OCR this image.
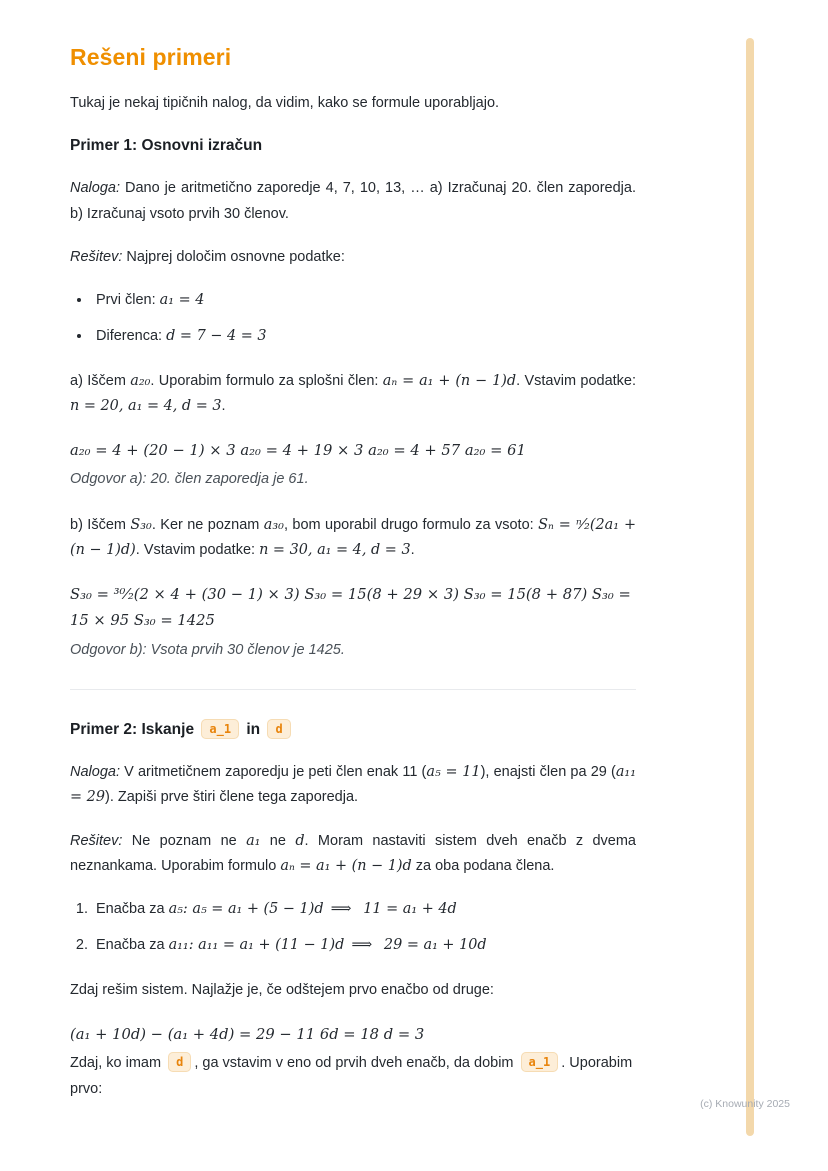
Rešeni primeri

Tukaj je nekaj tipičnih nalog, da vidim, kako se formule uporabljajo.

Primer 1: Osnovni izračun

Naloga: Dano je aritmetično zaporedje 4, 7, 10, 13, … a) Izračunaj 20. člen zaporedja. b) Izračunaj vsoto prvih 30 členov.

Rešitev: Najprej določim osnovne podatke:

• Prvi člen: a₁ = 4
• Diferenca: d = 7 − 4 = 3

a) Iščem a₂₀. Uporabim formulo za splošni člen: aₙ = a₁ + (n − 1)d. Vstavim podatke: n = 20, a₁ = 4, d = 3.

a₂₀ = 4 + (20 − 1) × 3 a₂₀ = 4 + 19 × 3 a₂₀ = 4 + 57 a₂₀ = 61

Odgovor a): 20. člen zaporedja je 61.

b) Iščem S₃₀. Ker ne poznam a₃₀, bom uporabil drugo formulo za vsoto: Sₙ = ⁿ⁄₂(2a₁ + (n − 1)d). Vstavim podatke: n = 30, a₁ = 4, d = 3.

S₃₀ = ³⁰⁄₂(2 × 4 + (30 − 1) × 3) S₃₀ = 15(8 + 29 × 3) S₃₀ = 15(8 + 87) S₃₀ = 15 × 95 S₃₀ = 1425

Odgovor b): Vsota prvih 30 členov je 1425.

Primer 2: Iskanje a_1 in d

Naloga: V aritmetičnem zaporedju je peti člen enak 11 (a₅ = 11), enajsti člen pa 29 (a₁₁ = 29). Zapiši prve štiri člene tega zaporedja.

Rešitev: Ne poznam ne a₁ ne d. Moram nastaviti sistem dveh enačb z dvema neznankama. Uporabim formulo aₙ = a₁ + (n − 1)d za oba podana člena.

1. Enačba za a₅: a₅ = a₁ + (5 − 1)d ⟹  11 = a₁ + 4d
2. Enačba za a₁₁: a₁₁ = a₁ + (11 − 1)d ⟹  29 = a₁ + 10d

Zdaj rešim sistem. Najlažje je, če odštejem prvo enačbo od druge:

(a₁ + 10d) − (a₁ + 4d) = 29 − 11 6d = 18 d = 3

Zdaj, ko imam d , ga vstavim v eno od prvih dveh enačb, da dobim a_1 . Uporabim prvo:

(c) Knowunity 2025
